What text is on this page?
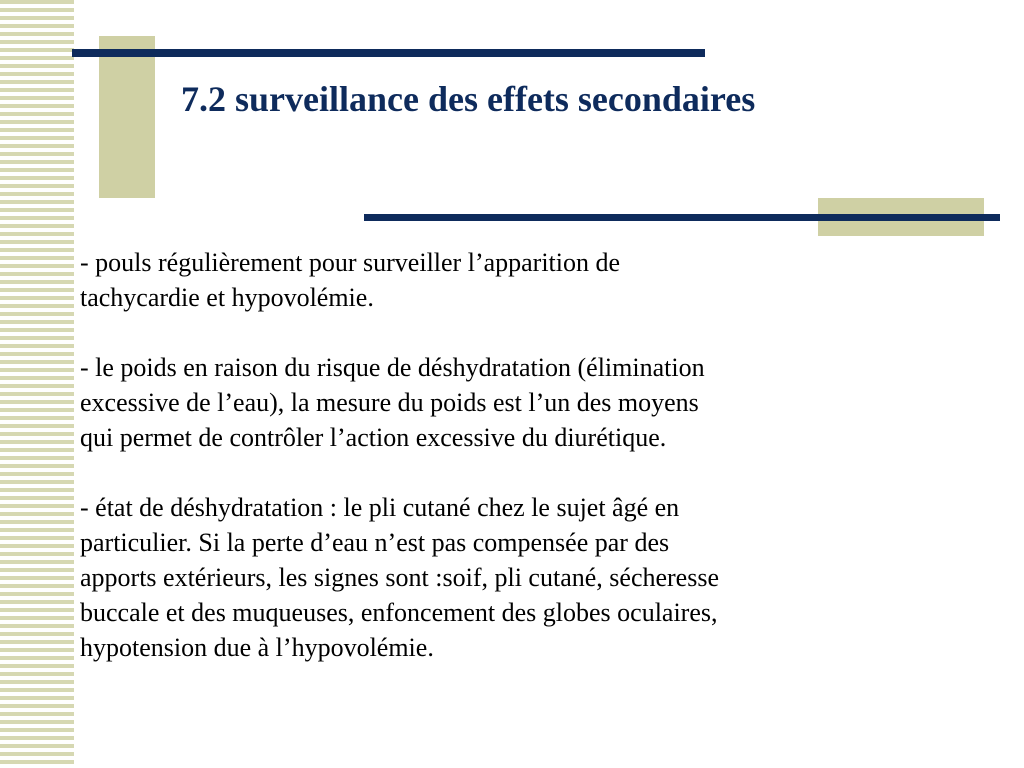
7.2 surveillance des effets secondaires

- pouls régulièrement pour surveiller l’apparition de
tachycardie et hypovolémie.

- le poids en raison du risque de déshydratation (élimination
excessive de l’eau), la mesure du poids est l’un des moyens
qui permet de contrôler l’action excessive du diurétique.

- état de déshydratation : le pli cutané chez le sujet âgé en
particulier. Si la perte d’eau n’est pas compensée par des
apports extérieurs, les signes sont :soif, pli cutané, sécheresse
buccale et des muqueuses, enfoncement des globes oculaires,
hypotension due à l’hypovolémie.
